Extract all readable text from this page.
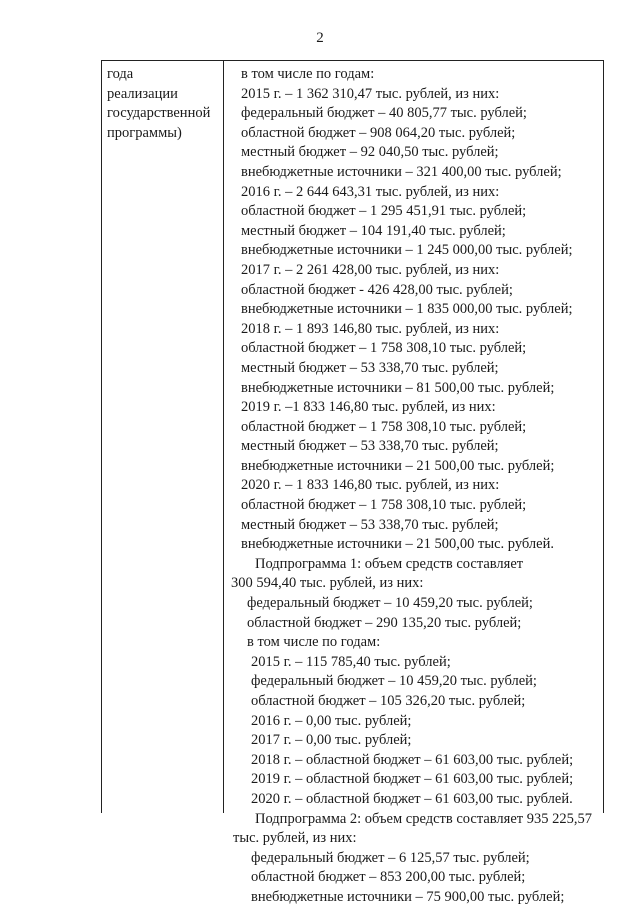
2
года
реализации
государственной
программы)
в том числе по годам:
2015 г. – 1 362 310,47 тыс. рублей, из них:
федеральный бюджет – 40 805,77 тыс. рублей;
областной бюджет – 908 064,20 тыс. рублей;
местный бюджет – 92 040,50 тыс. рублей;
внебюджетные источники – 321 400,00 тыс. рублей;
2016 г. – 2 644 643,31 тыс. рублей, из них:
областной бюджет – 1 295 451,91 тыс. рублей;
местный бюджет – 104 191,40 тыс. рублей;
внебюджетные источники – 1 245 000,00 тыс. рублей;
2017 г. – 2 261 428,00 тыс. рублей, из них:
областной бюджет - 426 428,00 тыс. рублей;
внебюджетные источники – 1 835 000,00 тыс. рублей;
2018 г. – 1 893 146,80 тыс. рублей, из них:
областной бюджет – 1 758 308,10 тыс. рублей;
местный бюджет – 53 338,70 тыс. рублей;
внебюджетные источники – 81 500,00 тыс. рублей;
2019 г. –1 833 146,80 тыс. рублей, из них:
областной бюджет – 1 758 308,10 тыс. рублей;
местный бюджет – 53 338,70 тыс. рублей;
внебюджетные источники – 21 500,00 тыс. рублей;
2020 г. – 1 833 146,80 тыс. рублей, из них:
областной бюджет – 1 758 308,10 тыс. рублей;
местный бюджет – 53 338,70 тыс. рублей;
внебюджетные источники – 21 500,00 тыс. рублей.
Подпрограмма 1: объем средств составляет
300 594,40 тыс. рублей, из них:
федеральный бюджет – 10 459,20 тыс. рублей;
областной бюджет – 290 135,20 тыс. рублей;
в том числе по годам:
2015 г. – 115 785,40 тыс. рублей;
федеральный бюджет – 10 459,20 тыс. рублей;
областной бюджет – 105 326,20 тыс. рублей;
2016 г. – 0,00 тыс. рублей;
2017 г. – 0,00 тыс. рублей;
2018 г. – областной бюджет – 61 603,00 тыс. рублей;
2019 г. – областной бюджет – 61 603,00 тыс. рублей;
2020 г. – областной бюджет – 61 603,00 тыс. рублей.
Подпрограмма 2: объем средств составляет 935 225,57
тыс. рублей, из них:
федеральный бюджет – 6 125,57 тыс. рублей;
областной бюджет – 853 200,00 тыс. рублей;
внебюджетные источники – 75 900,00 тыс. рублей;
